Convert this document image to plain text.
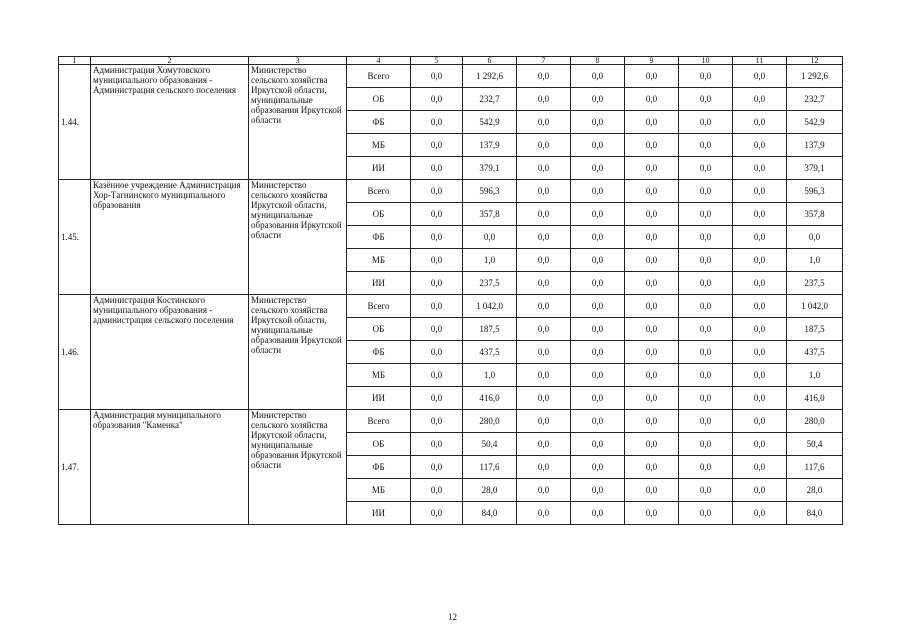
1	2	3	4	5	6	7	8	9	10	11	12
1.44.	Администрация Хомутовского муниципального образования - Администрация сельского поселения	Министерство сельского хозяйства Иркутской области, муниципальные образования Иркутской области	Всего	0,0	1 292,6	0,0	0,0	0,0	0,0	0,0	1 292,6
			ОБ	0,0	232,7	0,0	0,0	0,0	0,0	0,0	232,7
			ФБ	0,0	542,9	0,0	0,0	0,0	0,0	0,0	542,9
			МБ	0,0	137,9	0,0	0,0	0,0	0,0	0,0	137,9
			ИИ	0,0	379,1	0,0	0,0	0,0	0,0	0,0	379,1
1.45.	Казённое учреждение Администрация Хор-Тагнинского муниципального образования	Министерство сельского хозяйства Иркутской области, муниципальные образования Иркутской области	Всего	0,0	596,3	0,0	0,0	0,0	0,0	0,0	596,3
			ОБ	0,0	357,8	0,0	0,0	0,0	0,0	0,0	357,8
			ФБ	0,0	0,0	0,0	0,0	0,0	0,0	0,0	0,0
			МБ	0,0	1,0	0,0	0,0	0,0	0,0	0,0	1,0
			ИИ	0,0	237,5	0,0	0,0	0,0	0,0	0,0	237,5
1.46.	Администрация Костинского муниципального образования - администрация сельского поселения	Министерство сельского хозяйства Иркутской области, муниципальные образования Иркутской области	Всего	0,0	1 042,0	0,0	0,0	0,0	0,0	0,0	1 042,0
			ОБ	0,0	187,5	0,0	0,0	0,0	0,0	0,0	187,5
			ФБ	0,0	437,5	0,0	0,0	0,0	0,0	0,0	437,5
			МБ	0,0	1,0	0,0	0,0	0,0	0,0	0,0	1,0
			ИИ	0,0	416,0	0,0	0,0	0,0	0,0	0,0	416,0
1.47.	Администрация муниципального образования "Каменка"	Министерство сельского хозяйства Иркутской области, муниципальные образования Иркутской области	Всего	0,0	280,0	0,0	0,0	0,0	0,0	0,0	280,0
			ОБ	0,0	50,4	0,0	0,0	0,0	0,0	0,0	50,4
			ФБ	0,0	117,6	0,0	0,0	0,0	0,0	0,0	117,6
			МБ	0,0	28,0	0,0	0,0	0,0	0,0	0,0	28,0
			ИИ	0,0	84,0	0,0	0,0	0,0	0,0	0,0	84,0
12
